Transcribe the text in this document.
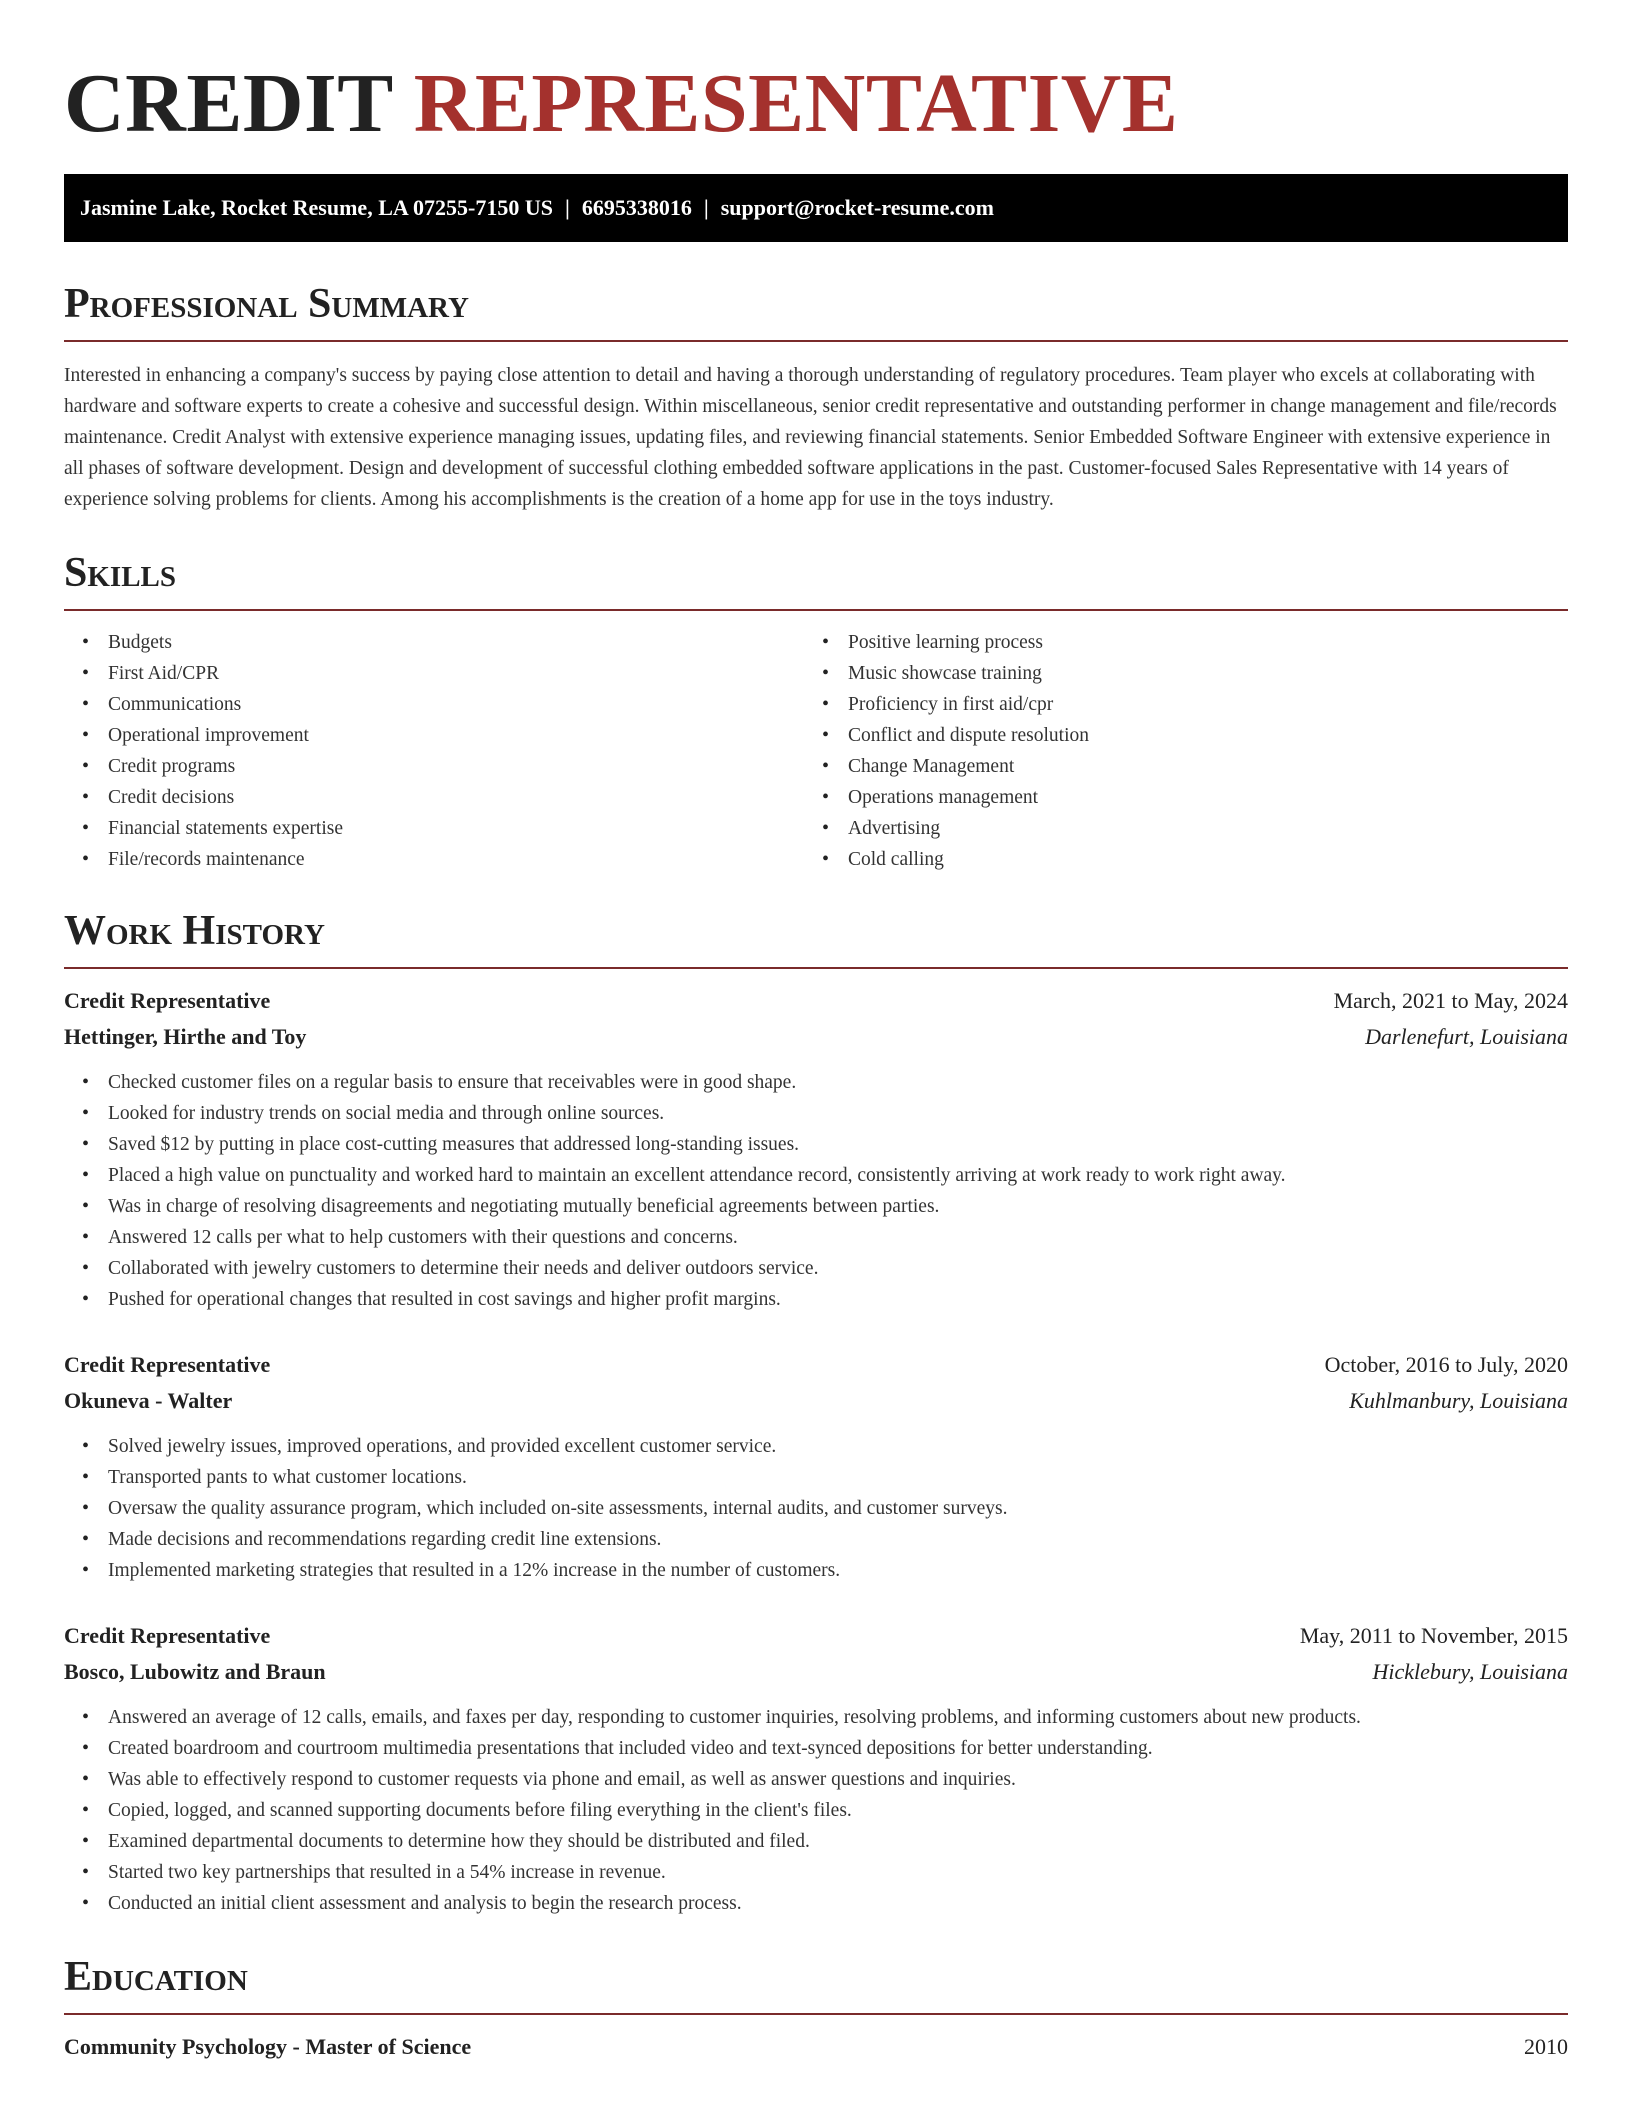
CREDIT REPRESENTATIVE
Jasmine Lake, Rocket Resume, LA 07255-7150 US | 6695338016 | support@rocket-resume.com
Professional Summary

Interested in enhancing a company's success by paying close attention to detail and having a thorough understanding of regulatory procedures. Team player who excels at collaborating with hardware and software experts to create a cohesive and successful design. Within miscellaneous, senior credit representative and outstanding performer in change management and file/records maintenance. Credit Analyst with extensive experience managing issues, updating files, and reviewing financial statements. Senior Embedded Software Engineer with extensive experience in all phases of software development. Design and development of successful clothing embedded software applications in the past. Customer-focused Sales Representative with 14 years of experience solving problems for clients. Among his accomplishments is the creation of a home app for use in the toys industry.

Skills
• Budgets
• First Aid/CPR
• Communications
• Operational improvement
• Credit programs
• Credit decisions
• Financial statements expertise
• File/records maintenance
• Positive learning process
• Music showcase training
• Proficiency in first aid/cpr
• Conflict and dispute resolution
• Change Management
• Operations management
• Advertising
• Cold calling
Work History
Credit Representative	March, 2021 to May, 2024
Hettinger, Hirthe and Toy	Darlenefurt, Louisiana
• Checked customer files on a regular basis to ensure that receivables were in good shape.
• Looked for industry trends on social media and through online sources.
• Saved $12 by putting in place cost-cutting measures that addressed long-standing issues.
• Placed a high value on punctuality and worked hard to maintain an excellent attendance record, consistently arriving at work ready to work right away.
• Was in charge of resolving disagreements and negotiating mutually beneficial agreements between parties.
• Answered 12 calls per what to help customers with their questions and concerns.
• Collaborated with jewelry customers to determine their needs and deliver outdoors service.
• Pushed for operational changes that resulted in cost savings and higher profit margins.
Credit Representative	October, 2016 to July, 2020
Okuneva - Walter	Kuhlmanbury, Louisiana
• Solved jewelry issues, improved operations, and provided excellent customer service.
• Transported pants to what customer locations.
• Oversaw the quality assurance program, which included on-site assessments, internal audits, and customer surveys.
• Made decisions and recommendations regarding credit line extensions.
• Implemented marketing strategies that resulted in a 12% increase in the number of customers.
Credit Representative	May, 2011 to November, 2015
Bosco, Lubowitz and Braun	Hicklebury, Louisiana
• Answered an average of 12 calls, emails, and faxes per day, responding to customer inquiries, resolving problems, and informing customers about new products.
• Created boardroom and courtroom multimedia presentations that included video and text-synced depositions for better understanding.
• Was able to effectively respond to customer requests via phone and email, as well as answer questions and inquiries.
• Copied, logged, and scanned supporting documents before filing everything in the client's files.
• Examined departmental documents to determine how they should be distributed and filed.
• Started two key partnerships that resulted in a 54% increase in revenue.
• Conducted an initial client assessment and analysis to begin the research process.
Education
Community Psychology - Master of Science	2010
